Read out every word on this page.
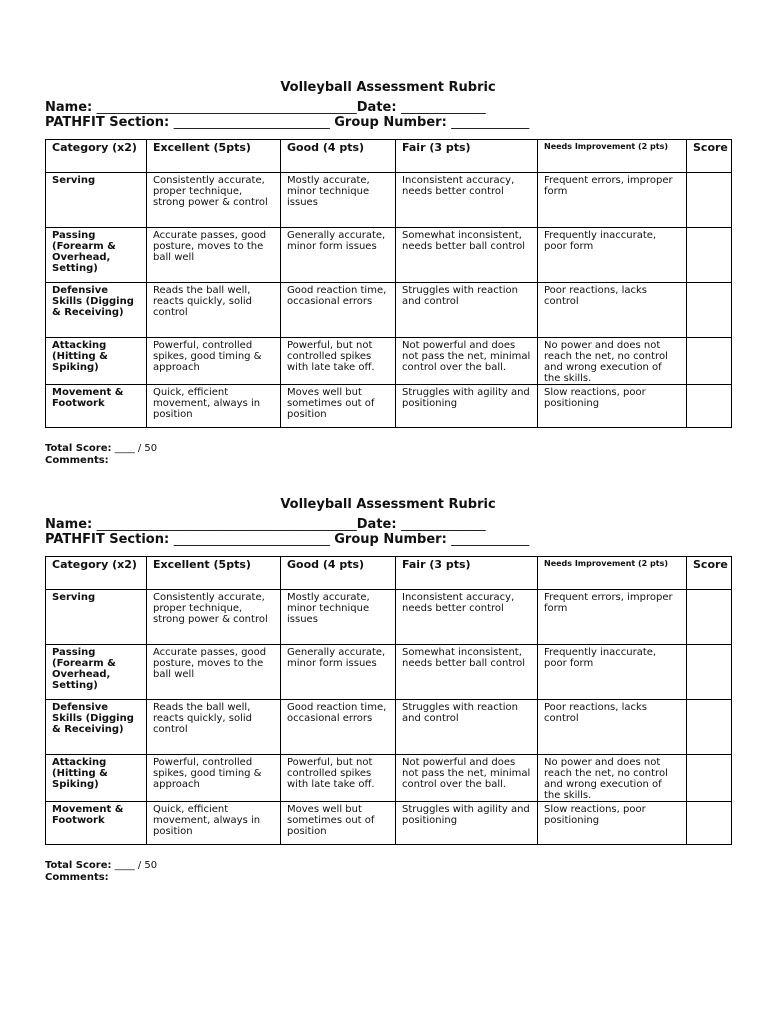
Volleyball Assessment Rubric
Name: ________________________________________Date: _____________
PATHFIT Section: ________________________ Group Number: ____________
Category (x2)	Excellent (5pts)	Good (4 pts)	Fair (3 pts)	Needs Improvement (2 pts)	Score
Serving	Consistently accurate, proper technique, strong power & control	Mostly accurate, minor technique issues	Inconsistent accuracy, needs better control	Frequent errors, improper form	
Passing (Forearm & Overhead, Setting)	Accurate passes, good posture, moves to the ball well	Generally accurate, minor form issues	Somewhat inconsistent, needs better ball control	Frequently inaccurate, poor form	
Defensive Skills (Digging & Receiving)	Reads the ball well, reacts quickly, solid control	Good reaction time, occasional errors	Struggles with reaction and control	Poor reactions, lacks control	
Attacking (Hitting & Spiking)	Powerful, controlled spikes, good timing & approach	Powerful, but not controlled spikes with late take off.	Not powerful and does not pass the net, minimal control over the ball.	No power and does not reach the net, no control and wrong execution of the skills.	
Movement & Footwork	Quick, efficient movement, always in position	Moves well but sometimes out of position	Struggles with agility and positioning	Slow reactions, poor positioning	
Total Score: ____ / 50
Comments:
Volleyball Assessment Rubric
Name: ________________________________________Date: _____________
PATHFIT Section: ________________________ Group Number: ____________
Category (x2)	Excellent (5pts)	Good (4 pts)	Fair (3 pts)	Needs Improvement (2 pts)	Score
Serving	Consistently accurate, proper technique, strong power & control	Mostly accurate, minor technique issues	Inconsistent accuracy, needs better control	Frequent errors, improper form	
Passing (Forearm & Overhead, Setting)	Accurate passes, good posture, moves to the ball well	Generally accurate, minor form issues	Somewhat inconsistent, needs better ball control	Frequently inaccurate, poor form	
Defensive Skills (Digging & Receiving)	Reads the ball well, reacts quickly, solid control	Good reaction time, occasional errors	Struggles with reaction and control	Poor reactions, lacks control	
Attacking (Hitting & Spiking)	Powerful, controlled spikes, good timing & approach	Powerful, but not controlled spikes with late take off.	Not powerful and does not pass the net, minimal control over the ball.	No power and does not reach the net, no control and wrong execution of the skills.	
Movement & Footwork	Quick, efficient movement, always in position	Moves well but sometimes out of position	Struggles with agility and positioning	Slow reactions, poor positioning	
Total Score: ____ / 50
Comments:
